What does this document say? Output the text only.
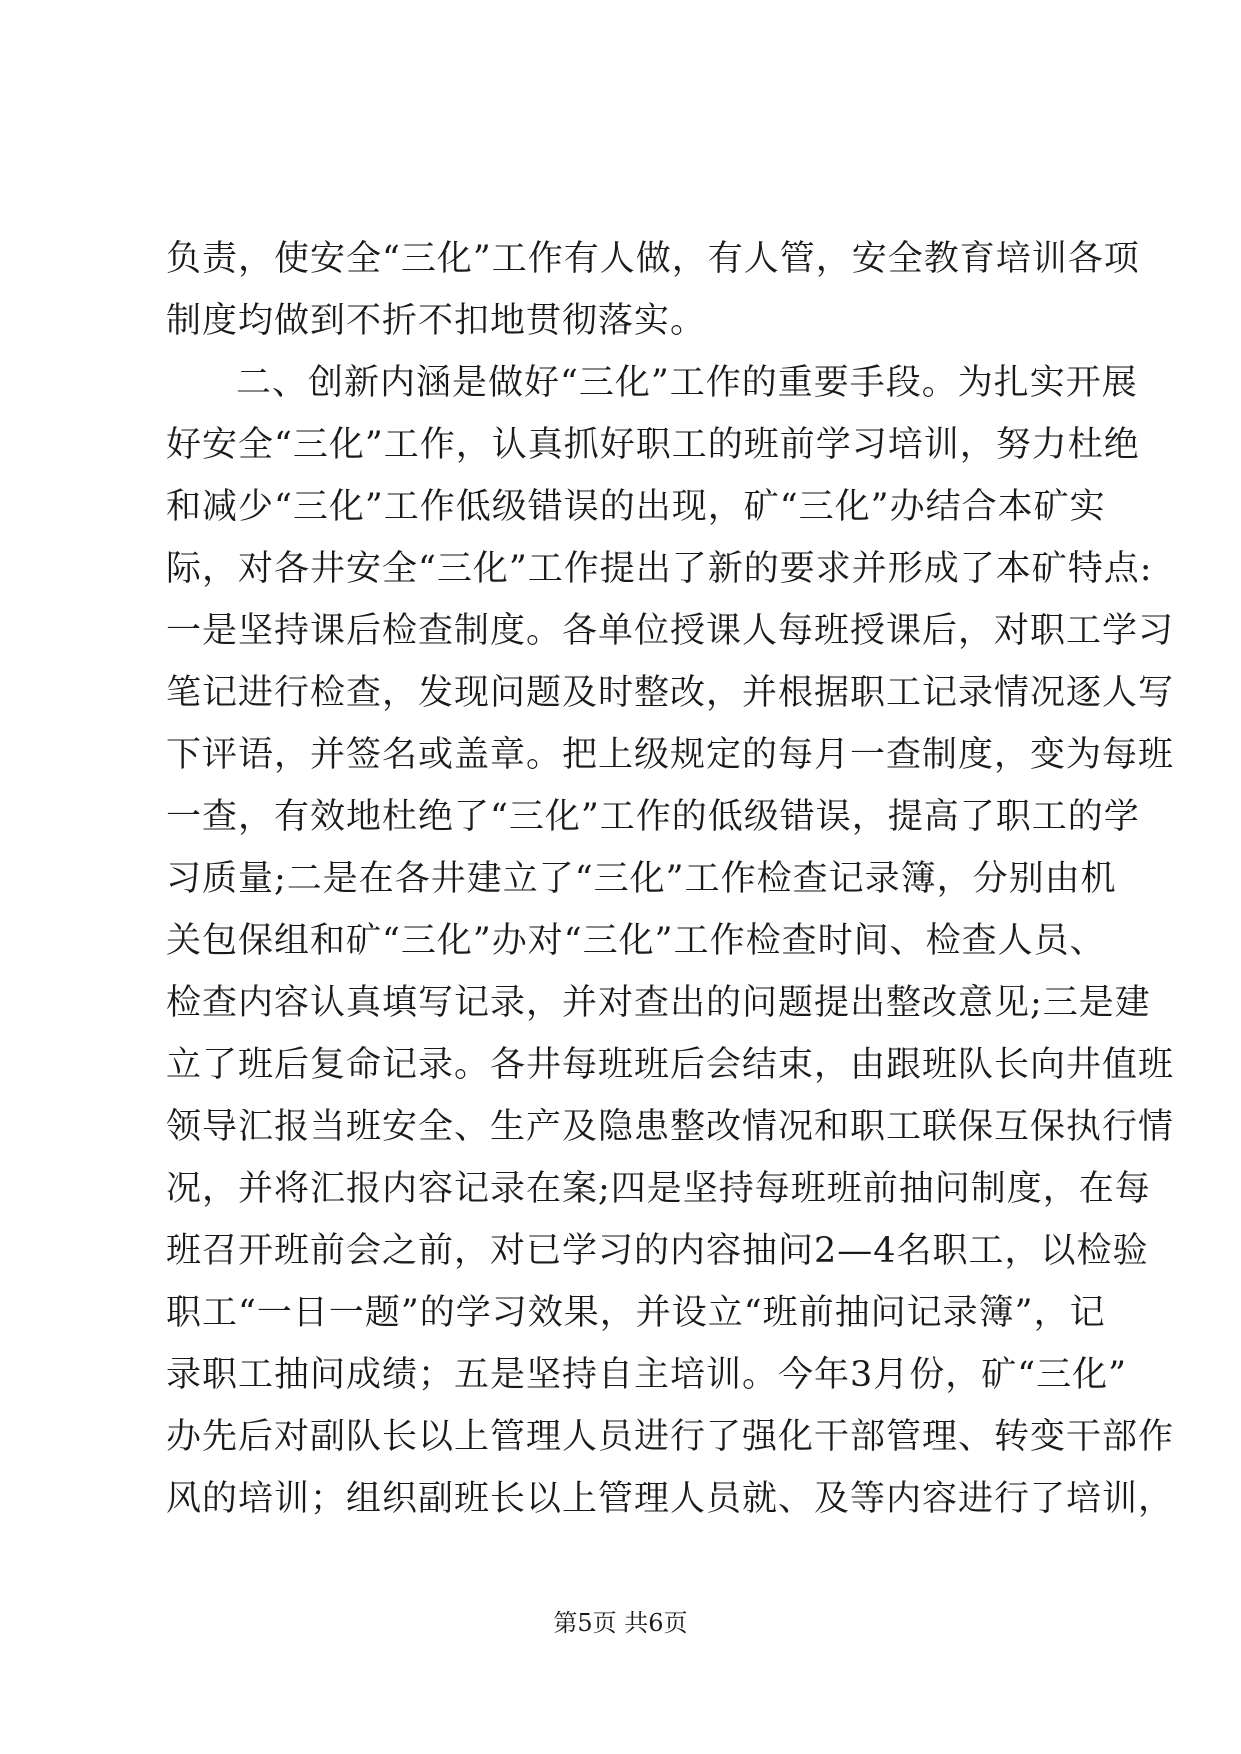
负责，使安全“三化”工作有人做，有人管，安全教育培训各项
制度均做到不折不扣地贯彻落实。
二、创新内涵是做好“三化”工作的重要手段。为扎实开展
好安全“三化”工作，认真抓好职工的班前学习培训，努力杜绝
和减少“三化”工作低级错误的出现，矿“三化”办结合本矿实
际，对各井安全“三化”工作提出了新的要求并形成了本矿特点:
一是坚持课后检查制度。各单位授课人每班授课后，对职工学习
笔记进行检查，发现问题及时整改，并根据职工记录情况逐人写
下评语，并签名或盖章。把上级规定的每月一查制度，变为每班
一查，有效地杜绝了“三化”工作的低级错误，提高了职工的学
习质量;二是在各井建立了“三化”工作检查记录簿，分别由机
关包保组和矿“三化”办对“三化”工作检查时间、检查人员、
检查内容认真填写记录，并对查出的问题提出整改意见;三是建
立了班后复命记录。各井每班班后会结束，由跟班队长向井值班
领导汇报当班安全、生产及隐患整改情况和职工联保互保执行情
况，并将汇报内容记录在案;四是坚持每班班前抽问制度，在每
班召开班前会之前，对已学习的内容抽问2—4名职工，以检验
职工“一日一题”的学习效果，并设立“班前抽问记录簿”，记
录职工抽问成绩；五是坚持自主培训。今年3月份，矿“三化”
办先后对副队长以上管理人员进行了强化干部管理、转变干部作
风的培训；组织副班长以上管理人员就、及等内容进行了培训，
第5页 共6页
